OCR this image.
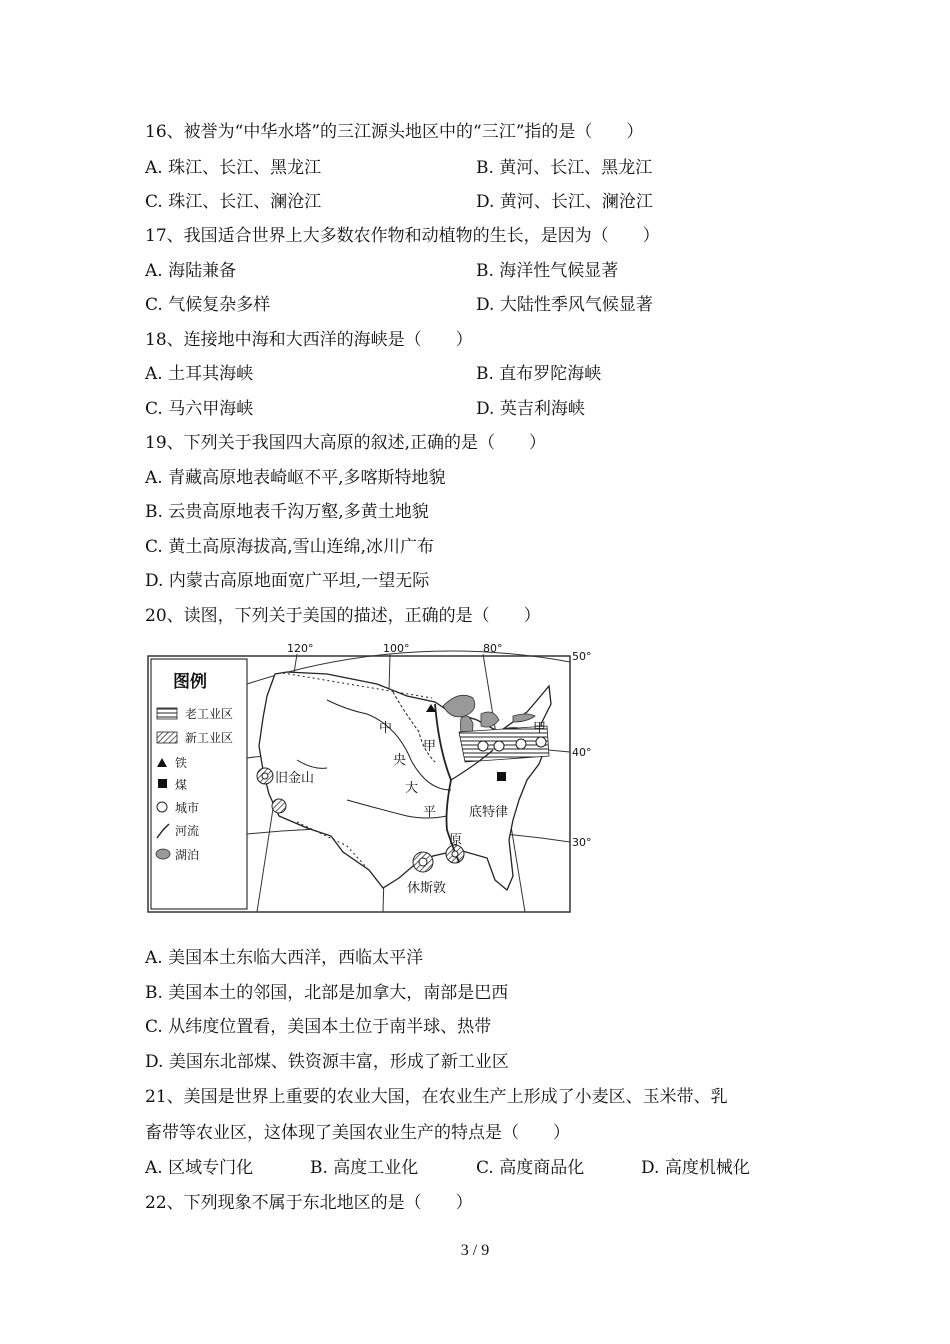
16、被誉为“中华水塔”的三江源头地区中的“三江”指的是（　　）
A. 珠江、长江、黑龙江	B. 黄河、长江、黑龙江
C. 珠江、长江、澜沧江	D. 黄河、长江、澜沧江
17、我国适合世界上大多数农作物和动植物的生长，是因为（　　）
A. 海陆兼备	B. 海洋性气候显著
C. 气候复杂多样	D. 大陆性季风气候显著
18、连接地中海和大西洋的海峡是（　　）
A. 土耳其海峡	B. 直布罗陀海峡
C. 马六甲海峡	D. 英吉利海峡
19、下列关于我国四大高原的叙述,正确的是（　　）
A. 青藏高原地表崎岖不平,多喀斯特地貌
B. 云贵高原地表千沟万壑,多黄土地貌
C. 黄土高原海拔高,雪山连绵,冰川广布
D. 内蒙古高原地面宽广平坦,一望无际
20、读图，下列关于美国的描述，正确的是（　　）
图例
老工业区
新工业区
铁
煤
城市
河流
湖泊
120°	100°	80°
50°
40°
30°
中
央
大
平
原
甲
甲
旧金山
底特律
休斯敦
A. 美国本土东临大西洋，西临太平洋
B. 美国本土的邻国，北部是加拿大，南部是巴西
C. 从纬度位置看，美国本土位于南半球、热带
D. 美国东北部煤、铁资源丰富，形成了新工业区
21、美国是世界上重要的农业大国，在农业生产上形成了小麦区、玉米带、乳
畜带等农业区，这体现了美国农业生产的特点是（　　）
A. 区域专门化	B. 高度工业化	C. 高度商品化	D. 高度机械化
22、下列现象不属于东北地区的是（　　）
3 / 9
